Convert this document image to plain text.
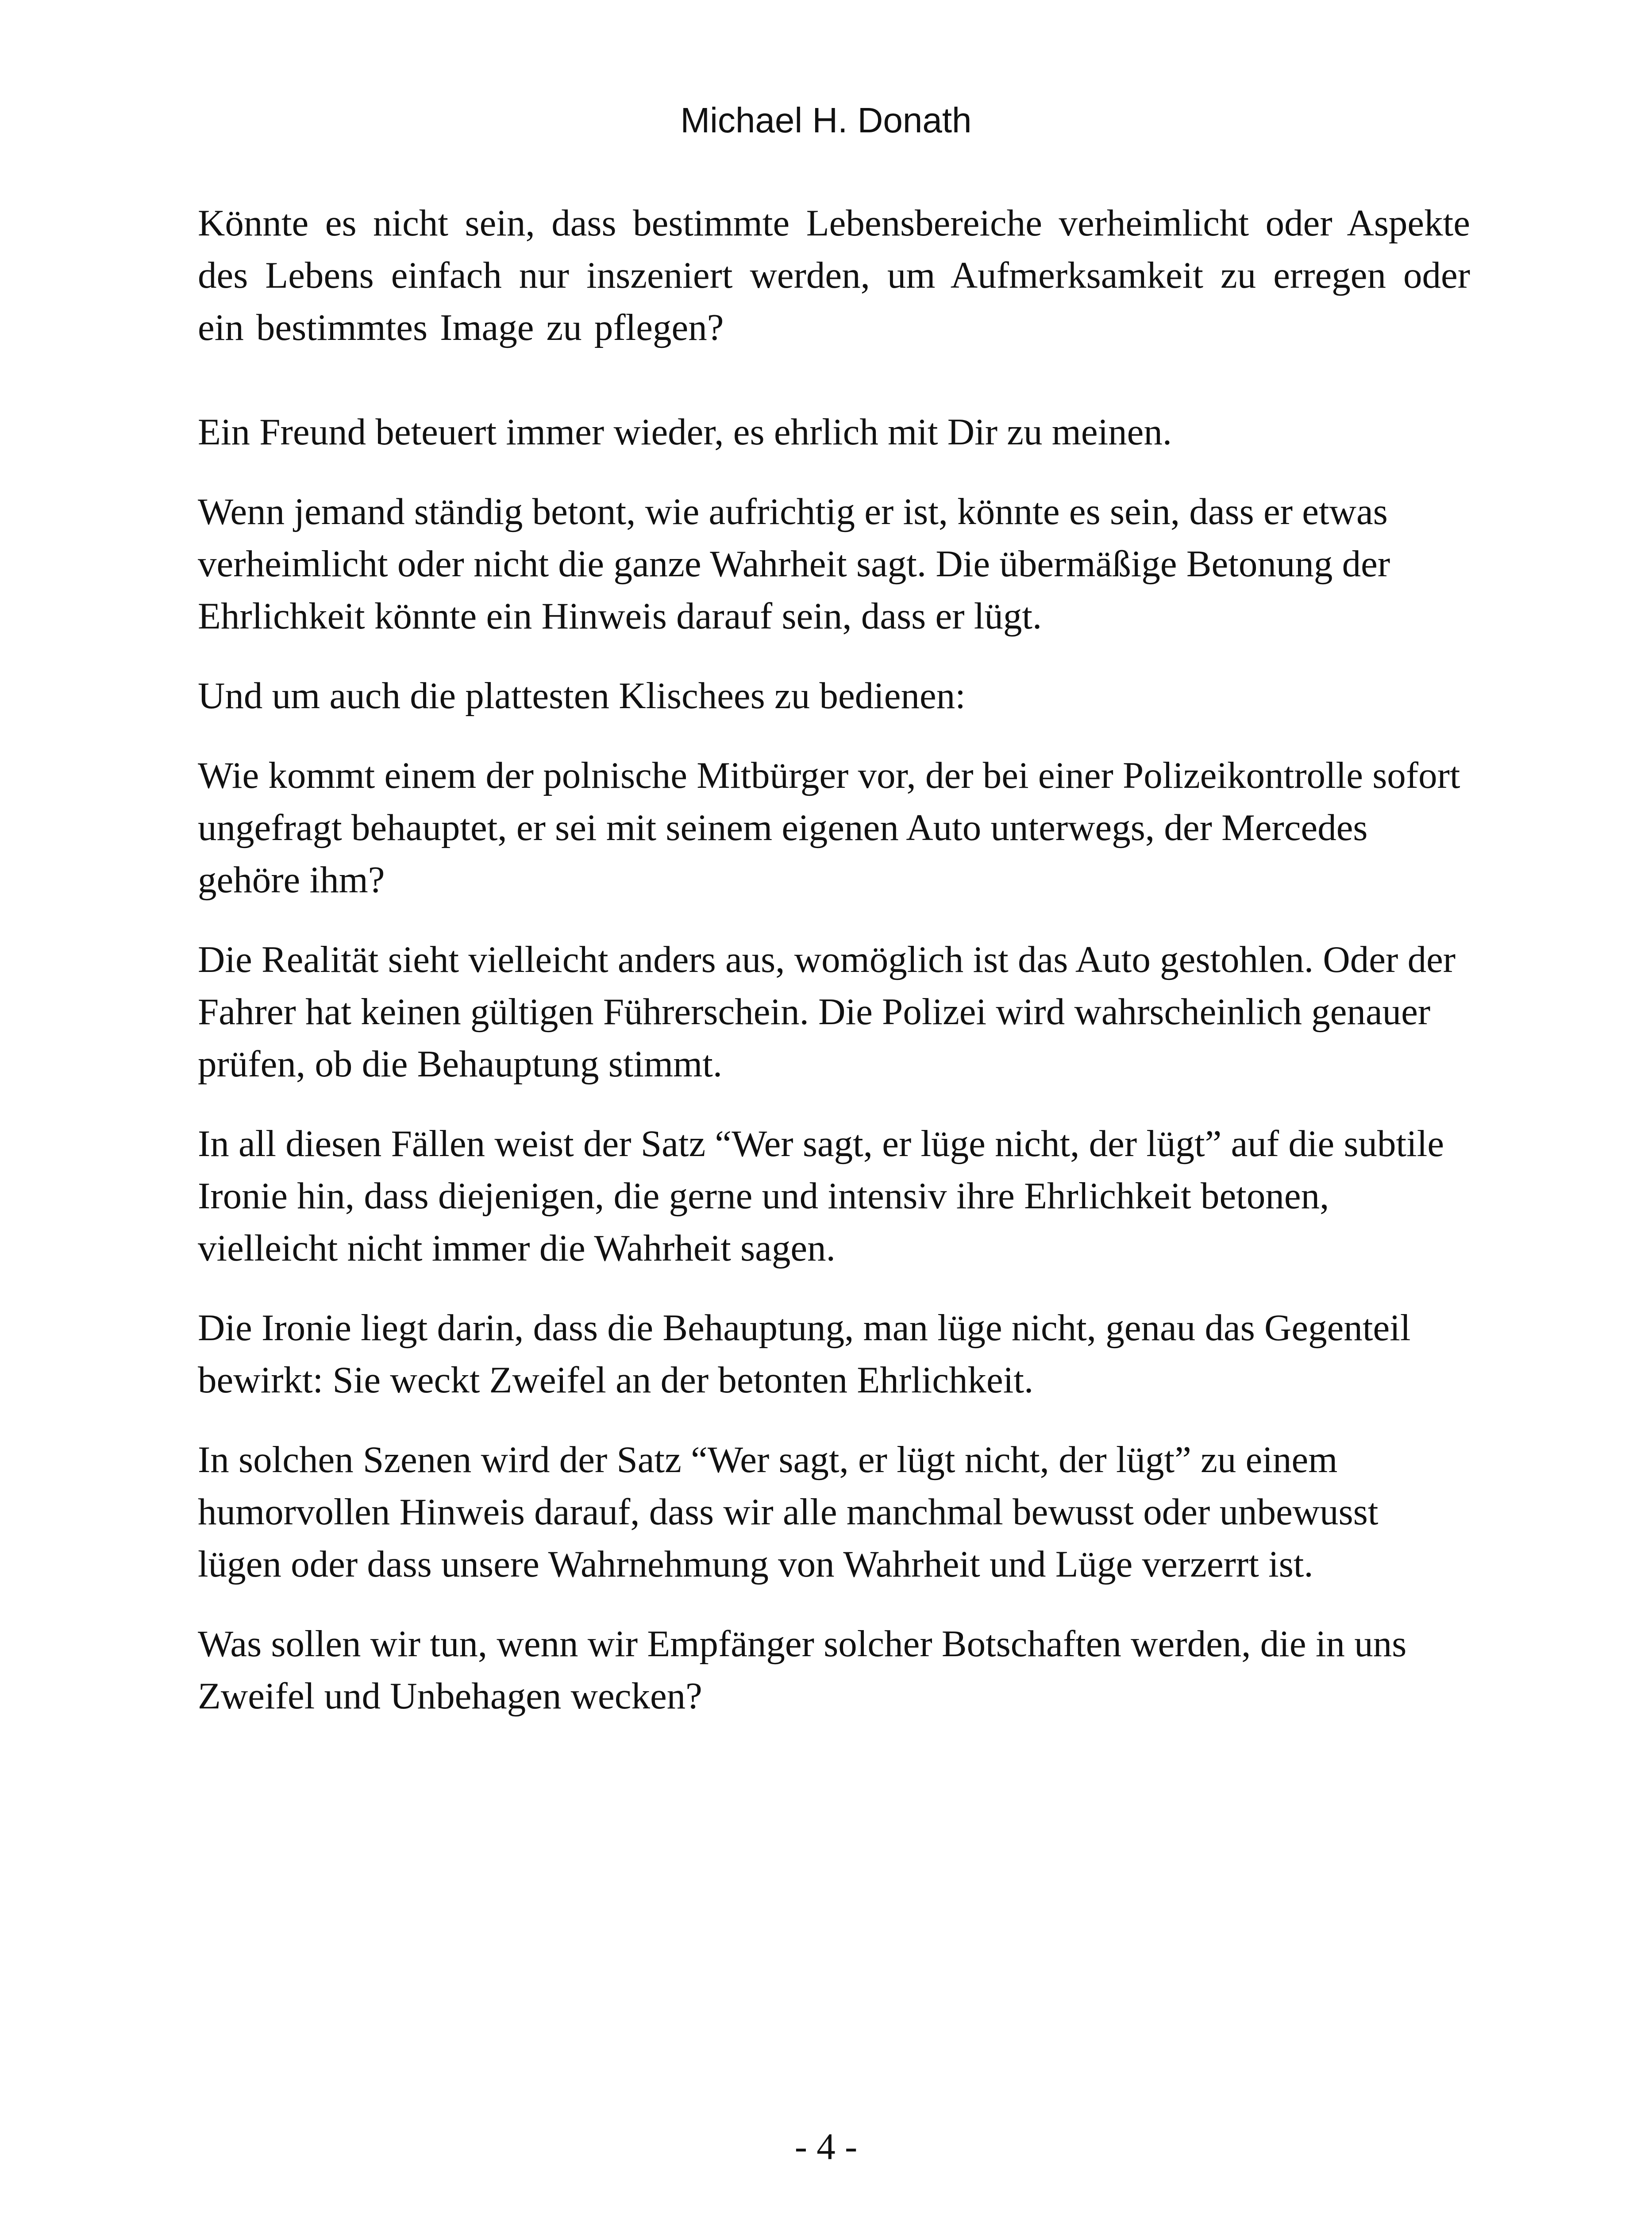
Michael H. Donath

Könnte es nicht sein, dass bestimmte Lebensbereiche verheimlicht oder Aspekte des Lebens einfach nur inszeniert werden, um Aufmerksamkeit zu erregen oder ein bestimmtes Image zu pflegen?

Ein Freund beteuert immer wieder, es ehrlich mit Dir zu meinen.

Wenn jemand ständig betont, wie aufrichtig er ist, könnte es sein, dass er etwas verheimlicht oder nicht die ganze Wahrheit sagt. Die übermäßige Betonung der Ehrlichkeit könnte ein Hinweis darauf sein, dass er lügt.

Und um auch die plattesten Klischees zu bedienen:

Wie kommt einem der polnische Mitbürger vor, der bei einer Polizeikontrolle sofort ungefragt behauptet, er sei mit seinem eigenen Auto unterwegs, der Mercedes gehöre ihm?

Die Realität sieht vielleicht anders aus, womöglich ist das Auto gestohlen. Oder der Fahrer hat keinen gültigen Führerschein. Die Polizei wird wahrscheinlich genauer prüfen, ob die Behauptung stimmt.

In all diesen Fällen weist der Satz “Wer sagt, er lüge nicht, der lügt” auf die subtile Ironie hin, dass diejenigen, die gerne und intensiv ihre Ehrlichkeit betonen, vielleicht nicht immer die Wahrheit sagen.

Die Ironie liegt darin, dass die Behauptung, man lüge nicht, genau das Gegenteil bewirkt: Sie weckt Zweifel an der betonten Ehrlichkeit.

In solchen Szenen wird der Satz “Wer sagt, er lügt nicht, der lügt” zu einem humorvollen Hinweis darauf, dass wir alle manchmal bewusst oder unbewusst lügen oder dass unsere Wahrnehmung von Wahrheit und Lüge verzerrt ist.

Was sollen wir tun, wenn wir Empfänger solcher Botschaften werden, die in uns Zweifel und Unbehagen wecken?

- 4 -
